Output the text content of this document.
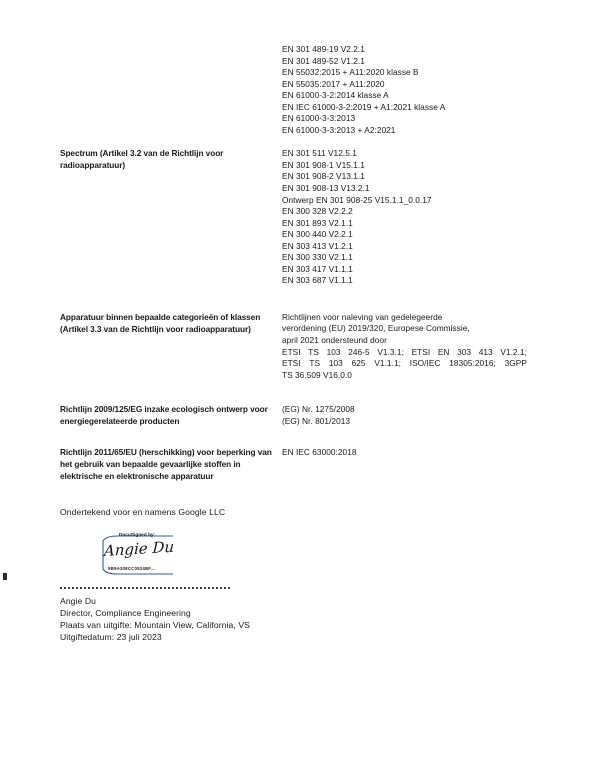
EN 301 489-19 V2.2.1
EN 301 489-52 V1.2.1
EN 55032:2015 + A11:2020 klasse B
EN 55035:2017 + A11:2020
EN 61000-3-2:2014 klasse A
EN IEC 61000-3-2:2019 + A1:2021 klasse A
EN 61000-3-3:2013
EN 61000-3-3:2013 + A2:2021
Spectrum (Artikel 3.2 van de Richtlijn voor radioapparatuur)
EN 301 511 V12.5.1
EN 301 908-1 V15.1.1
EN 301 908-2 V13.1.1
EN 301 908-13 V13.2.1
Ontwerp EN 301 908-25 V15.1.1_0.0.17
EN 300 328 V2.2.2
EN 301 893 V2.1.1
EN 300 440 V2.2.1
EN 303 413 V1.2.1
EN 300 330 V2.1.1
EN 303 417 V1.1.1
EN 303 687 V1.1.1
Apparatuur binnen bepaalde categorieën of klassen (Artikel 3.3 van de Richtlijn voor radioapparatuur)
Richtlijnen voor naleving van gedelegeerde
verordening (EU) 2019/320, Europese Commissie,
april 2021 ondersteund door
ETSI TS 103 246-5 V1.3.1; ETSI EN 303 413 V1.2.1;
ETSI TS 103 625 V1.1.1; ISO/IEC 18305:2016; 3GPP
TS 36.509 V16.0.0
Richtlijn 2009/125/EG inzake ecologisch ontwerp voor energiegerelateerde producten
(EG) Nr. 1275/2008
(EG) Nr. 801/2013
Richtlijn 2011/65/EU (herschikking) voor beperking van het gebruik van bepaalde gevaarlijke stoffen in elektrische en elektronische apparatuur
EN IEC 63000:2018
Ondertekend voor en namens Google LLC
DocuSigned by:
Angie Du
9B9A308CC0524BF...
Angie Du
Director, Compliance Engineering
Plaats van uitgifte: Mountain View, California, VS
Uitgiftedatum: 23 juli 2023
